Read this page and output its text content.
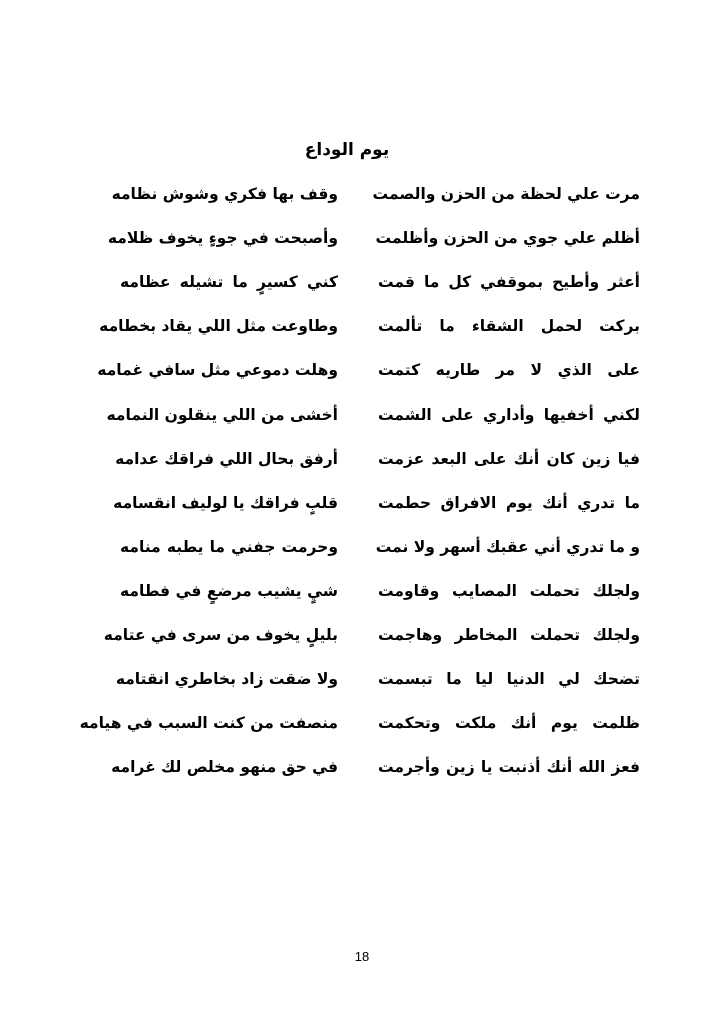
يوم الوداع
مرت علي لحظة من الحزن والصمت
وقف بها فكري وشوش نظامه
أظلم علي جوي من الحزن وأظلمت
وأصبحت في جوءٍ يخوف ظلامه
أعثر وأطيح بموقفي كل ما قمت
كني كسيرٍ ما تشيله عظامه
بركت لحمل الشقاء ما تألمت
وطاوعت مثل اللي يقاد بخطامه
على الذي لا مر طاريه كتمت
وهلت دموعي مثل سافي غمامه
لكني أخفيها وأداري على الشمت
أخشى من اللي ينقلون النمامه
فيا زين كان أنك على البعد عزمت
أرفق بحال اللي فراقك عدامه
ما تدري أنك يوم الافراق حطمت
قلبٍ فراقك يا لوليف انقسامه
و ما تدري أني عقبك أسهر ولا نمت
وحرمت جفني ما يطبه منامه
ولجلك تحملت المصايب وقاومت
شيٍ يشيب مرضعٍ في فطامه
ولجلك تحملت المخاطر وهاجمت
بليلٍ يخوف من سرى في عتامه
تضحك لي الدنيا ليا ما تبسمت
ولا ضقت زاد بخاطري انقتامه
ظلمت يوم أنك ملكت وتحكمت
منصفت من كنت السبب في هيامه
فعز الله أنك أذنبت يا زين وأجرمت
في حق منهو مخلص لك غرامه
18
